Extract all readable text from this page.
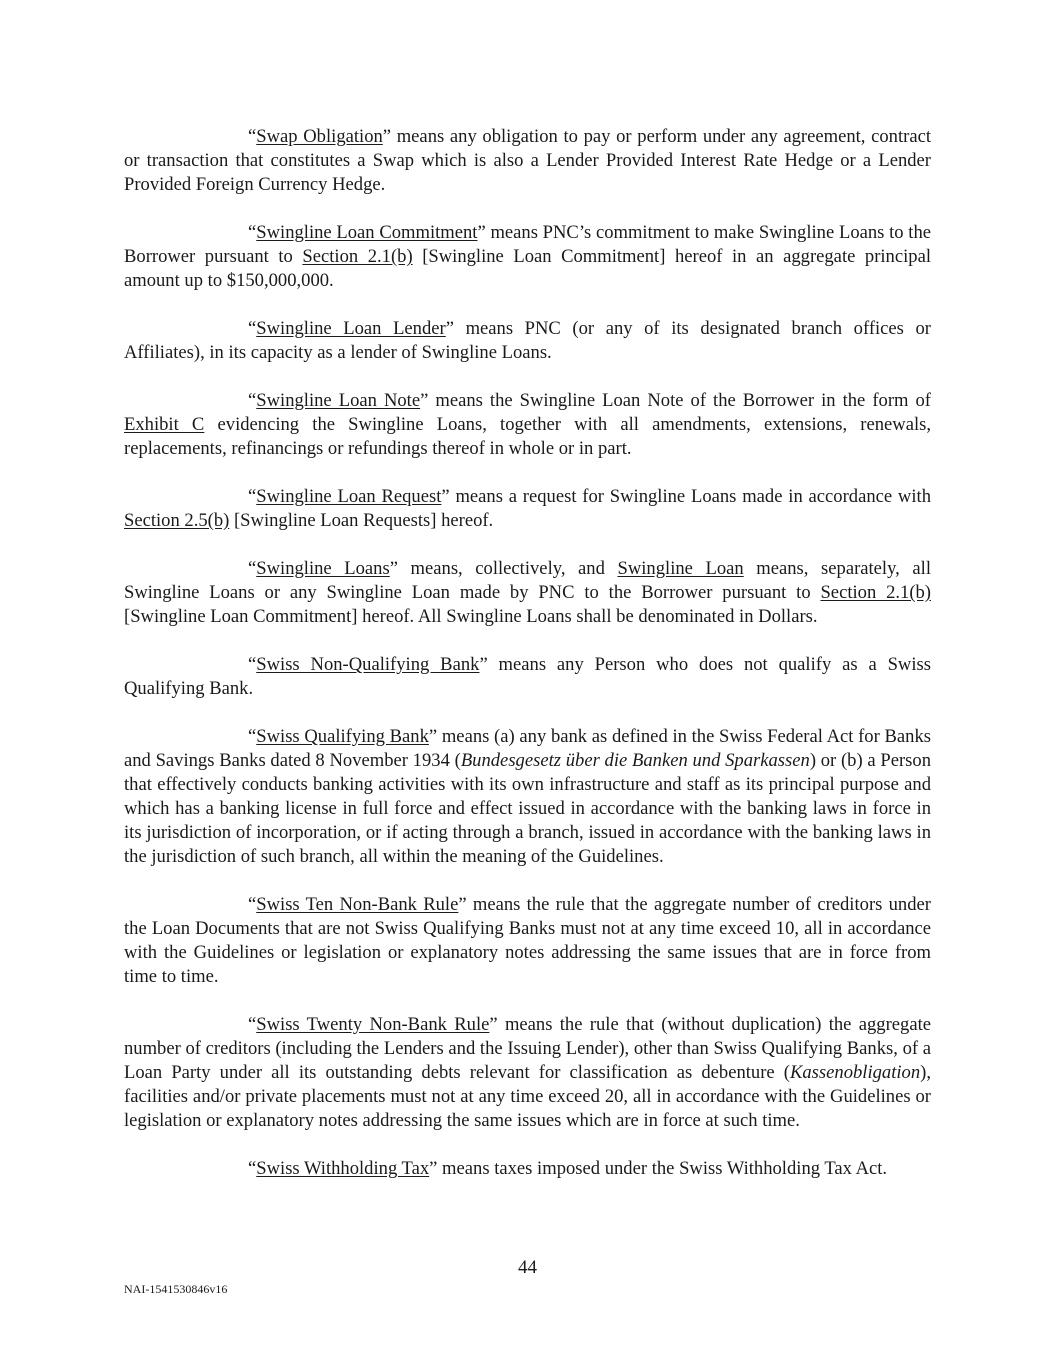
“Swap Obligation” means any obligation to pay or perform under any agreement, contract or transaction that constitutes a Swap which is also a Lender Provided Interest Rate Hedge or a Lender Provided Foreign Currency Hedge.

“Swingline Loan Commitment” means PNC’s commitment to make Swingline Loans to the Borrower pursuant to Section 2.1(b) [Swingline Loan Commitment] hereof in an aggregate principal amount up to $150,000,000.

“Swingline Loan Lender” means PNC (or any of its designated branch offices or Affiliates), in its capacity as a lender of Swingline Loans.

“Swingline Loan Note” means the Swingline Loan Note of the Borrower in the form of Exhibit C evidencing the Swingline Loans, together with all amendments, extensions, renewals, replacements, refinancings or refundings thereof in whole or in part.

“Swingline Loan Request” means a request for Swingline Loans made in accordance with Section 2.5(b) [Swingline Loan Requests] hereof.

“Swingline Loans” means, collectively, and Swingline Loan means, separately, all Swingline Loans or any Swingline Loan made by PNC to the Borrower pursuant to Section 2.1(b) [Swingline Loan Commitment] hereof. All Swingline Loans shall be denominated in Dollars.

“Swiss Non-Qualifying Bank” means any Person who does not qualify as a Swiss Qualifying Bank.

“Swiss Qualifying Bank” means (a) any bank as defined in the Swiss Federal Act for Banks and Savings Banks dated 8 November 1934 (Bundesgesetz über die Banken und Sparkassen) or (b) a Person that effectively conducts banking activities with its own infrastructure and staff as its principal purpose and which has a banking license in full force and effect issued in accordance with the banking laws in force in its jurisdiction of incorporation, or if acting through a branch, issued in accordance with the banking laws in the jurisdiction of such branch, all within the meaning of the Guidelines.

“Swiss Ten Non-Bank Rule” means the rule that the aggregate number of creditors under the Loan Documents that are not Swiss Qualifying Banks must not at any time exceed 10, all in accordance with the Guidelines or legislation or explanatory notes addressing the same issues that are in force from time to time.

“Swiss Twenty Non-Bank Rule” means the rule that (without duplication) the aggregate number of creditors (including the Lenders and the Issuing Lender), other than Swiss Qualifying Banks, of a Loan Party under all its outstanding debts relevant for classification as debenture (Kassenobligation), facilities and/or private placements must not at any time exceed 20, all in accordance with the Guidelines or legislation or explanatory notes addressing the same issues which are in force at such time.

“Swiss Withholding Tax” means taxes imposed under the Swiss Withholding Tax Act.

44
NAI-1541530846v16
